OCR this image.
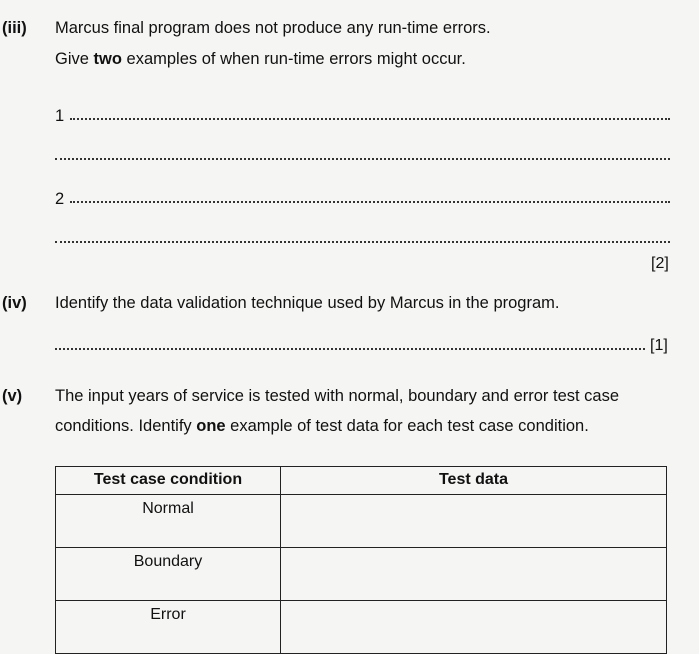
(iii) Marcus final program does not produce any run-time errors.
Give two examples of when run-time errors might occur.
1
2
[2]
(iv) Identify the data validation technique used by Marcus in the program.
[1]
(v) The input years of service is tested with normal, boundary and error test case
conditions. Identify one example of test data for each test case condition.
Test case condition	Test data
Normal	
Boundary	
Error	
